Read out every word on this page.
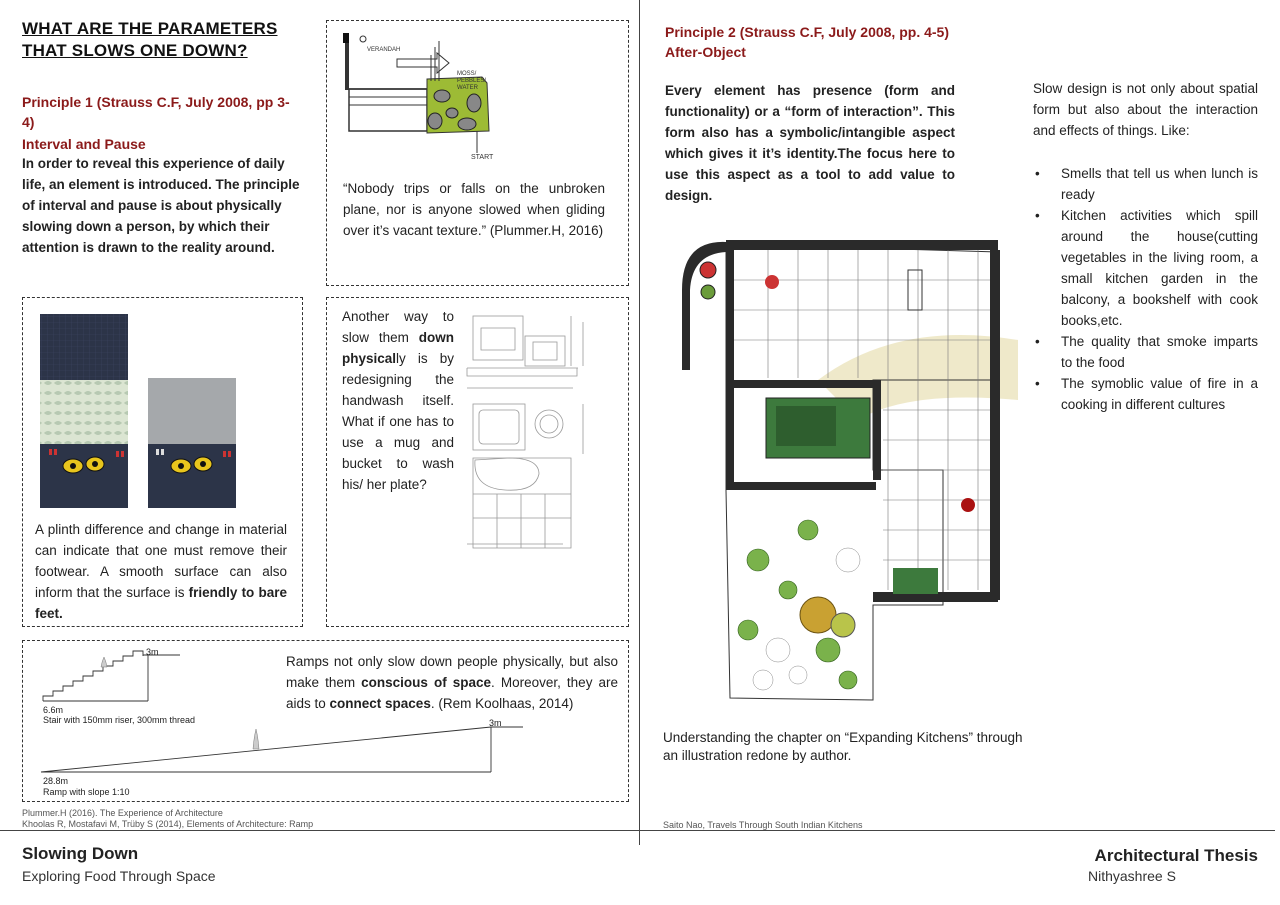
WHAT ARE THE PARAMETERS
THAT SLOWS ONE DOWN?
Principle 1 (Strauss C.F, July 2008, pp 3-4)
Interval and Pause
In order to reveal this experience of daily life, an element is introduced. The principle of interval and pause is about physically slowing down a person, by which their attention is drawn to the reality around.
VERANDAH
MOSS/ PEBBLES/ WATER
START
“Nobody trips or falls on the unbroken plane, nor is anyone slowed when gliding over it’s vacant texture.” (Plummer.H, 2016)
A plinth difference and change in material can indicate that one must remove their footwear. A smooth surface can also inform that the surface is friendly to bare feet.
Another way to slow them down physically is by redesigning the handwash itself. What if one has to use a mug and bucket to wash his/ her plate?
3m
6.6m
Stair with 150mm riser, 300mm thread	3m
28.8m
Ramp with slope 1:10
Ramps not only slow down people physically, but also make them conscious of space. Moreover, they are aids to connect spaces. (Rem Koolhaas, 2014)
Plummer.H (2016). The Experience of Architecture
Khoolas R, Mostafavi M, Trüby S (2014), Elements of Architecture: Ramp
Principle 2 (Strauss C.F, July 2008, pp. 4-5)
After-Object
Every element has presence (form and functionality) or a “form of interaction”. This form also has a symbolic/intangible aspect which gives it it’s identity.The focus here to use this aspect as a tool to add value to design.
Slow design is not only about spatial form but also about the interaction and effects of things. Like:
• Smells that tell us when lunch is ready
• Kitchen activities which spill around the house(cutting vegetables in the living room, a small kitchen garden in the balcony, a bookshelf with cook books,etc.
• The quality that smoke imparts to the food
• The symoblic value of fire in a cooking in different cultures
Understanding the chapter on “Expanding Kitchens” through an illustration redone by author.
Saito Nao, Travels Through South Indian Kitchens
Slowing Down
Exploring Food Through Space
Architectural Thesis
Nithyashree S
